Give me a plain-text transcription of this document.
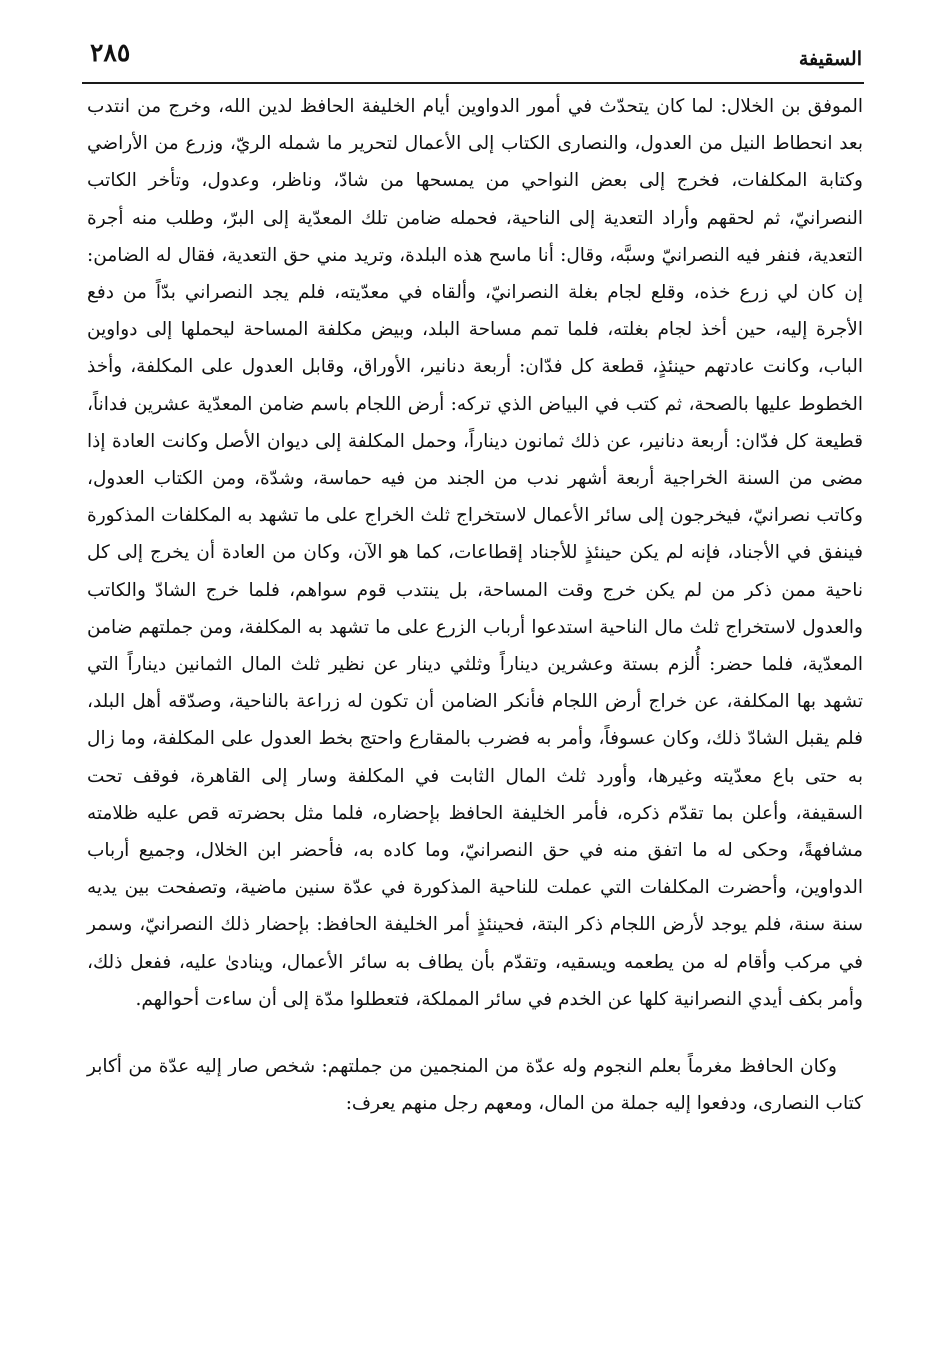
٢٨٥	السقيفة

الموفق بن الخلال: لما كان يتحدّث في أمور الدواوين أيام الخليفة الحافظ لدين الله، وخرج من انتدب بعد انحطاط النيل من العدول، والنصارى الكتاب إلى الأعمال لتحرير ما شمله الريّ، وزرع من الأراضي وكتابة المكلفات، فخرج إلى بعض النواحي من يمسحها من شادّ، وناظر، وعدول، وتأخر الكاتب النصرانيّ، ثم لحقهم وأراد التعدية إلى الناحية، فحمله ضامن تلك المعدّية إلى البرّ، وطلب منه أجرة التعدية، فنفر فيه النصرانيّ وسبَّه، وقال: أنا ماسح هذه البلدة، وتريد مني حق التعدية، فقال له الضامن: إن كان لي زرع خذه، وقلع لجام بغلة النصرانيّ، وألقاه في معدّيته، فلم يجد النصراني بدّاً من دفع الأجرة إليه، حين أخذ لجام بغلته، فلما تمم مساحة البلد، وبيض مكلفة المساحة ليحملها إلى دواوين الباب، وكانت عادتهم حينئذٍ، قطعة كل فدّان: أربعة دنانير، الأوراق، وقابل العدول على المكلفة، وأخذ الخطوط عليها بالصحة، ثم كتب في البياض الذي تركه: أرض اللجام باسم ضامن المعدّية عشرين فداناً، قطيعة كل فدّان: أربعة دنانير، عن ذلك ثمانون ديناراً، وحمل المكلفة إلى ديوان الأصل وكانت العادة إذا مضى من السنة الخراجية أربعة أشهر ندب من الجند من فيه حماسة، وشدّة، ومن الكتاب العدول، وكاتب نصرانيّ، فيخرجون إلى سائر الأعمال لاستخراج ثلث الخراج على ما تشهد به المكلفات المذكورة فينفق في الأجناد، فإنه لم يكن حينئذٍ للأجناد إقطاعات، كما هو الآن، وكان من العادة أن يخرج إلى كل ناحية ممن ذكر من لم يكن خرج وقت المساحة، بل ينتدب قوم سواهم، فلما خرج الشادّ والكاتب والعدول لاستخراج ثلث مال الناحية استدعوا أرباب الزرع على ما تشهد به المكلفة، ومن جملتهم ضامن المعدّية، فلما حضر: أُلزم بستة وعشرين ديناراً وثلثي دينار عن نظير ثلث المال الثمانين ديناراً التي تشهد بها المكلفة، عن خراج أرض اللجام فأنكر الضامن أن تكون له زراعة بالناحية، وصدّقه أهل البلد، فلم يقبل الشادّ ذلك، وكان عسوفاً، وأمر به فضرب بالمقارع واحتج بخط العدول على المكلفة، وما زال به حتى باع معدّيته وغيرها، وأورد ثلث المال الثابت في المكلفة وسار إلى القاهرة، فوقف تحت السقيفة، وأعلن بما تقدّم ذكره، فأمر الخليفة الحافظ بإحضاره، فلما مثل بحضرته قص عليه ظلامته مشافهةً، وحكى له ما اتفق منه في حق النصرانيّ، وما كاده به، فأحضر ابن الخلال، وجميع أرباب الدواوين، وأحضرت المكلفات التي عملت للناحية المذكورة في عدّة سنين ماضية، وتصفحت بين يديه سنة سنة، فلم يوجد لأرض اللجام ذكر البتة، فحينئذٍ أمر الخليفة الحافظ: بإحضار ذلك النصرانيّ، وسمر في مركب وأقام له من يطعمه ويسقيه، وتقدّم بأن يطاف به سائر الأعمال، وينادىٰ عليه، ففعل ذلك، وأمر بكف أيدي النصرانية كلها عن الخدم في سائر المملكة، فتعطلوا مدّة إلى أن ساءت أحوالهم.

وكان الحافظ مغرماً بعلم النجوم وله عدّة من المنجمين من جملتهم: شخص صار إليه عدّة من أكابر كتاب النصارى، ودفعوا إليه جملة من المال، ومعهم رجل منهم يعرف:
